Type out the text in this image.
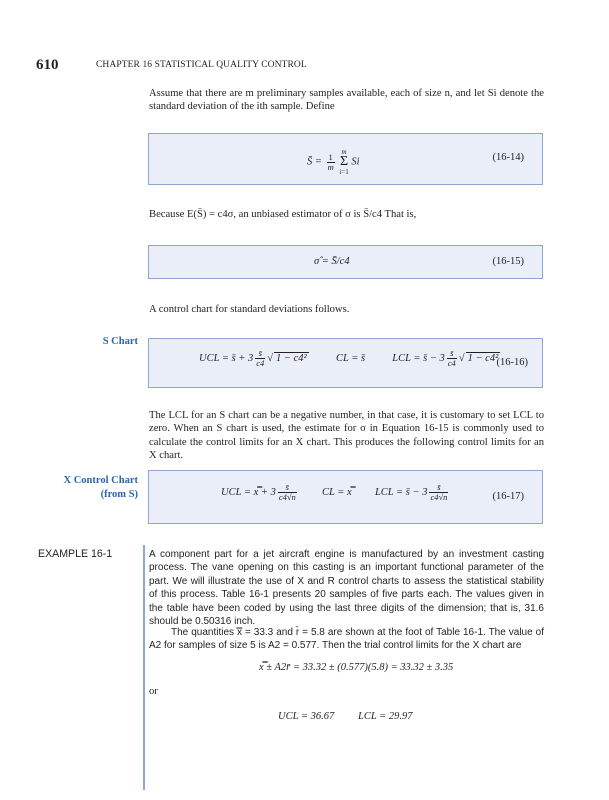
610	CHAPTER 16 STATISTICAL QUALITY CONTROL
Assume that there are m preliminary samples available, each of size n, and let Si denote the standard deviation of the ith sample. Define
S̄ = $\frac{1}{m}$

m
Σ
i=1
Si	(16-14)
Because E(S̄) = c4σ, an unbiased estimator of σ is S̄/c4 That is,
σ̂ = S̄/c4	(16-15)
A control chart for standard deviations follows.
S Chart
UCL = s̄ + $3 \frac{s̄}{c4}$ √ 1 − c4²	CL = s̄	LCL = s̄ − $3 \frac{s̄}{c4}$ √ 1 − c4²
(16-16)
The LCL for an S chart can be a negative number, in that case, it is customary to set LCL to zero. When an S chart is used, the estimate for σ in Equation 16-15 is commonly used to calculate the control limits for an X chart. This produces the following control limits for an X chart.
X Control Chart
(from S)	UCL = x̿ + $3 \frac{s̄}{c4√n}$ CL = x̿ LCL = s̄ − $3 \frac{s̄}{c4√n}$	(16-17)
EXAMPLE 16-1	A component part for a jet aircraft engine is manufactured by an investment casting process. The vane opening on this casting is an important functional parameter of the part. We will illustrate the use of X and R control charts to assess the statistical stability of this process. Table 16-1 presents 20 samples of five parts each. The values given in the table have been coded by using the last three digits of the dimension; that is, 31.6 should be 0.50316 inch.
The quantities x̿ = 33.3 and r̄ = 5.8 are shown at the foot of Table 16-1. The value of A2 for samples of size 5 is A2 = 0.577. Then the trial control limits for the X chart are
x̿ ± A2r̄ = 33.32 ± (0.577)(5.8) = 33.32 ± 3.35
or
UCL = 36.67 LCL = 29.97
